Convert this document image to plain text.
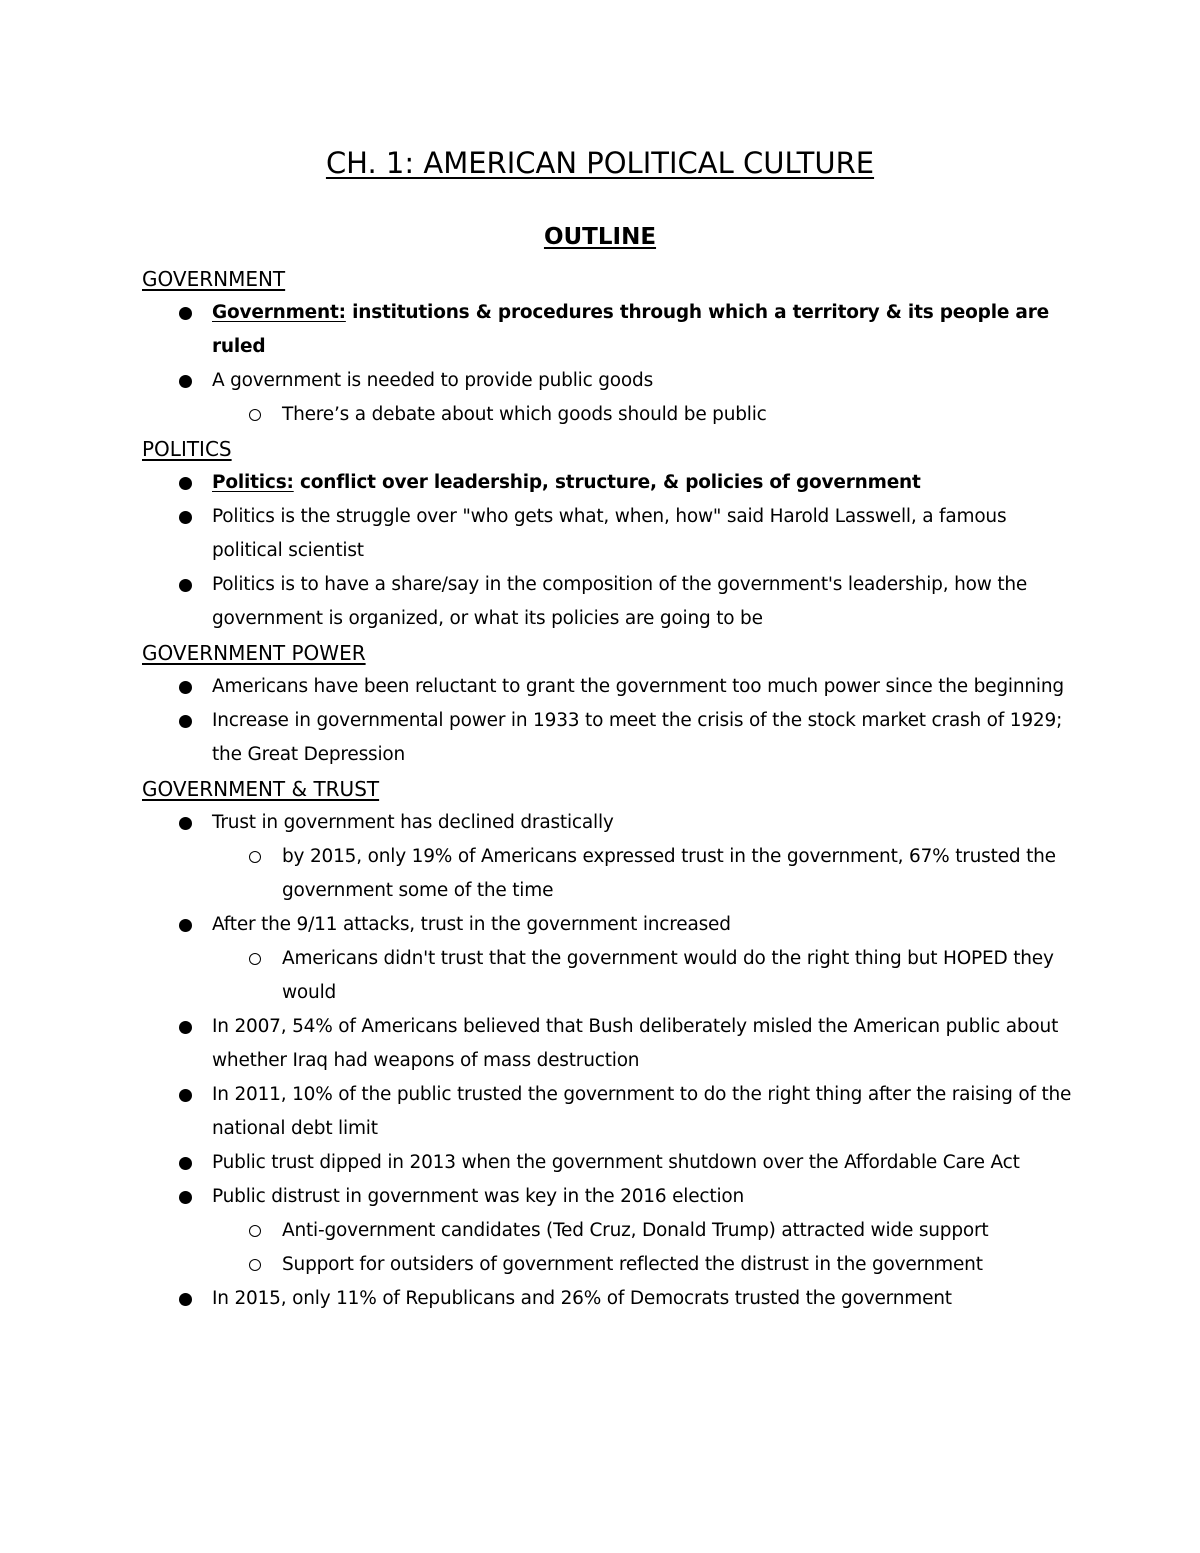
CH. 1: AMERICAN POLITICAL CULTURE
OUTLINE
GOVERNMENT
Government: institutions & procedures through which a territory & its people are ruled
A government is needed to provide public goods
There’s a debate about which goods should be public
POLITICS
Politics: conflict over leadership, structure, & policies of government
Politics is the struggle over "who gets what, when, how" said Harold Lasswell, a famous political scientist
Politics is to have a share/say in the composition of the government's leadership, how the government is organized, or what its policies are going to be
GOVERNMENT POWER
Americans have been reluctant to grant the government too much power since the beginning
Increase in governmental power in 1933 to meet the crisis of the stock market crash of 1929; the Great Depression
GOVERNMENT & TRUST
Trust in government has declined drastically
by 2015, only 19% of Americans expressed trust in the government, 67% trusted the government some of the time
After the 9/11 attacks, trust in the government increased
Americans didn't trust that the government would do the right thing but HOPED they would
In 2007, 54% of Americans believed that Bush deliberately misled the American public about whether Iraq had weapons of mass destruction
In 2011, 10% of the public trusted the government to do the right thing after the raising of the national debt limit
Public trust dipped in 2013 when the government shutdown over the Affordable Care Act
Public distrust in government was key in the 2016 election
Anti-government candidates (Ted Cruz, Donald Trump) attracted wide support
Support for outsiders of government reflected the distrust in the government
In 2015, only 11% of Republicans and 26% of Democrats trusted the government
